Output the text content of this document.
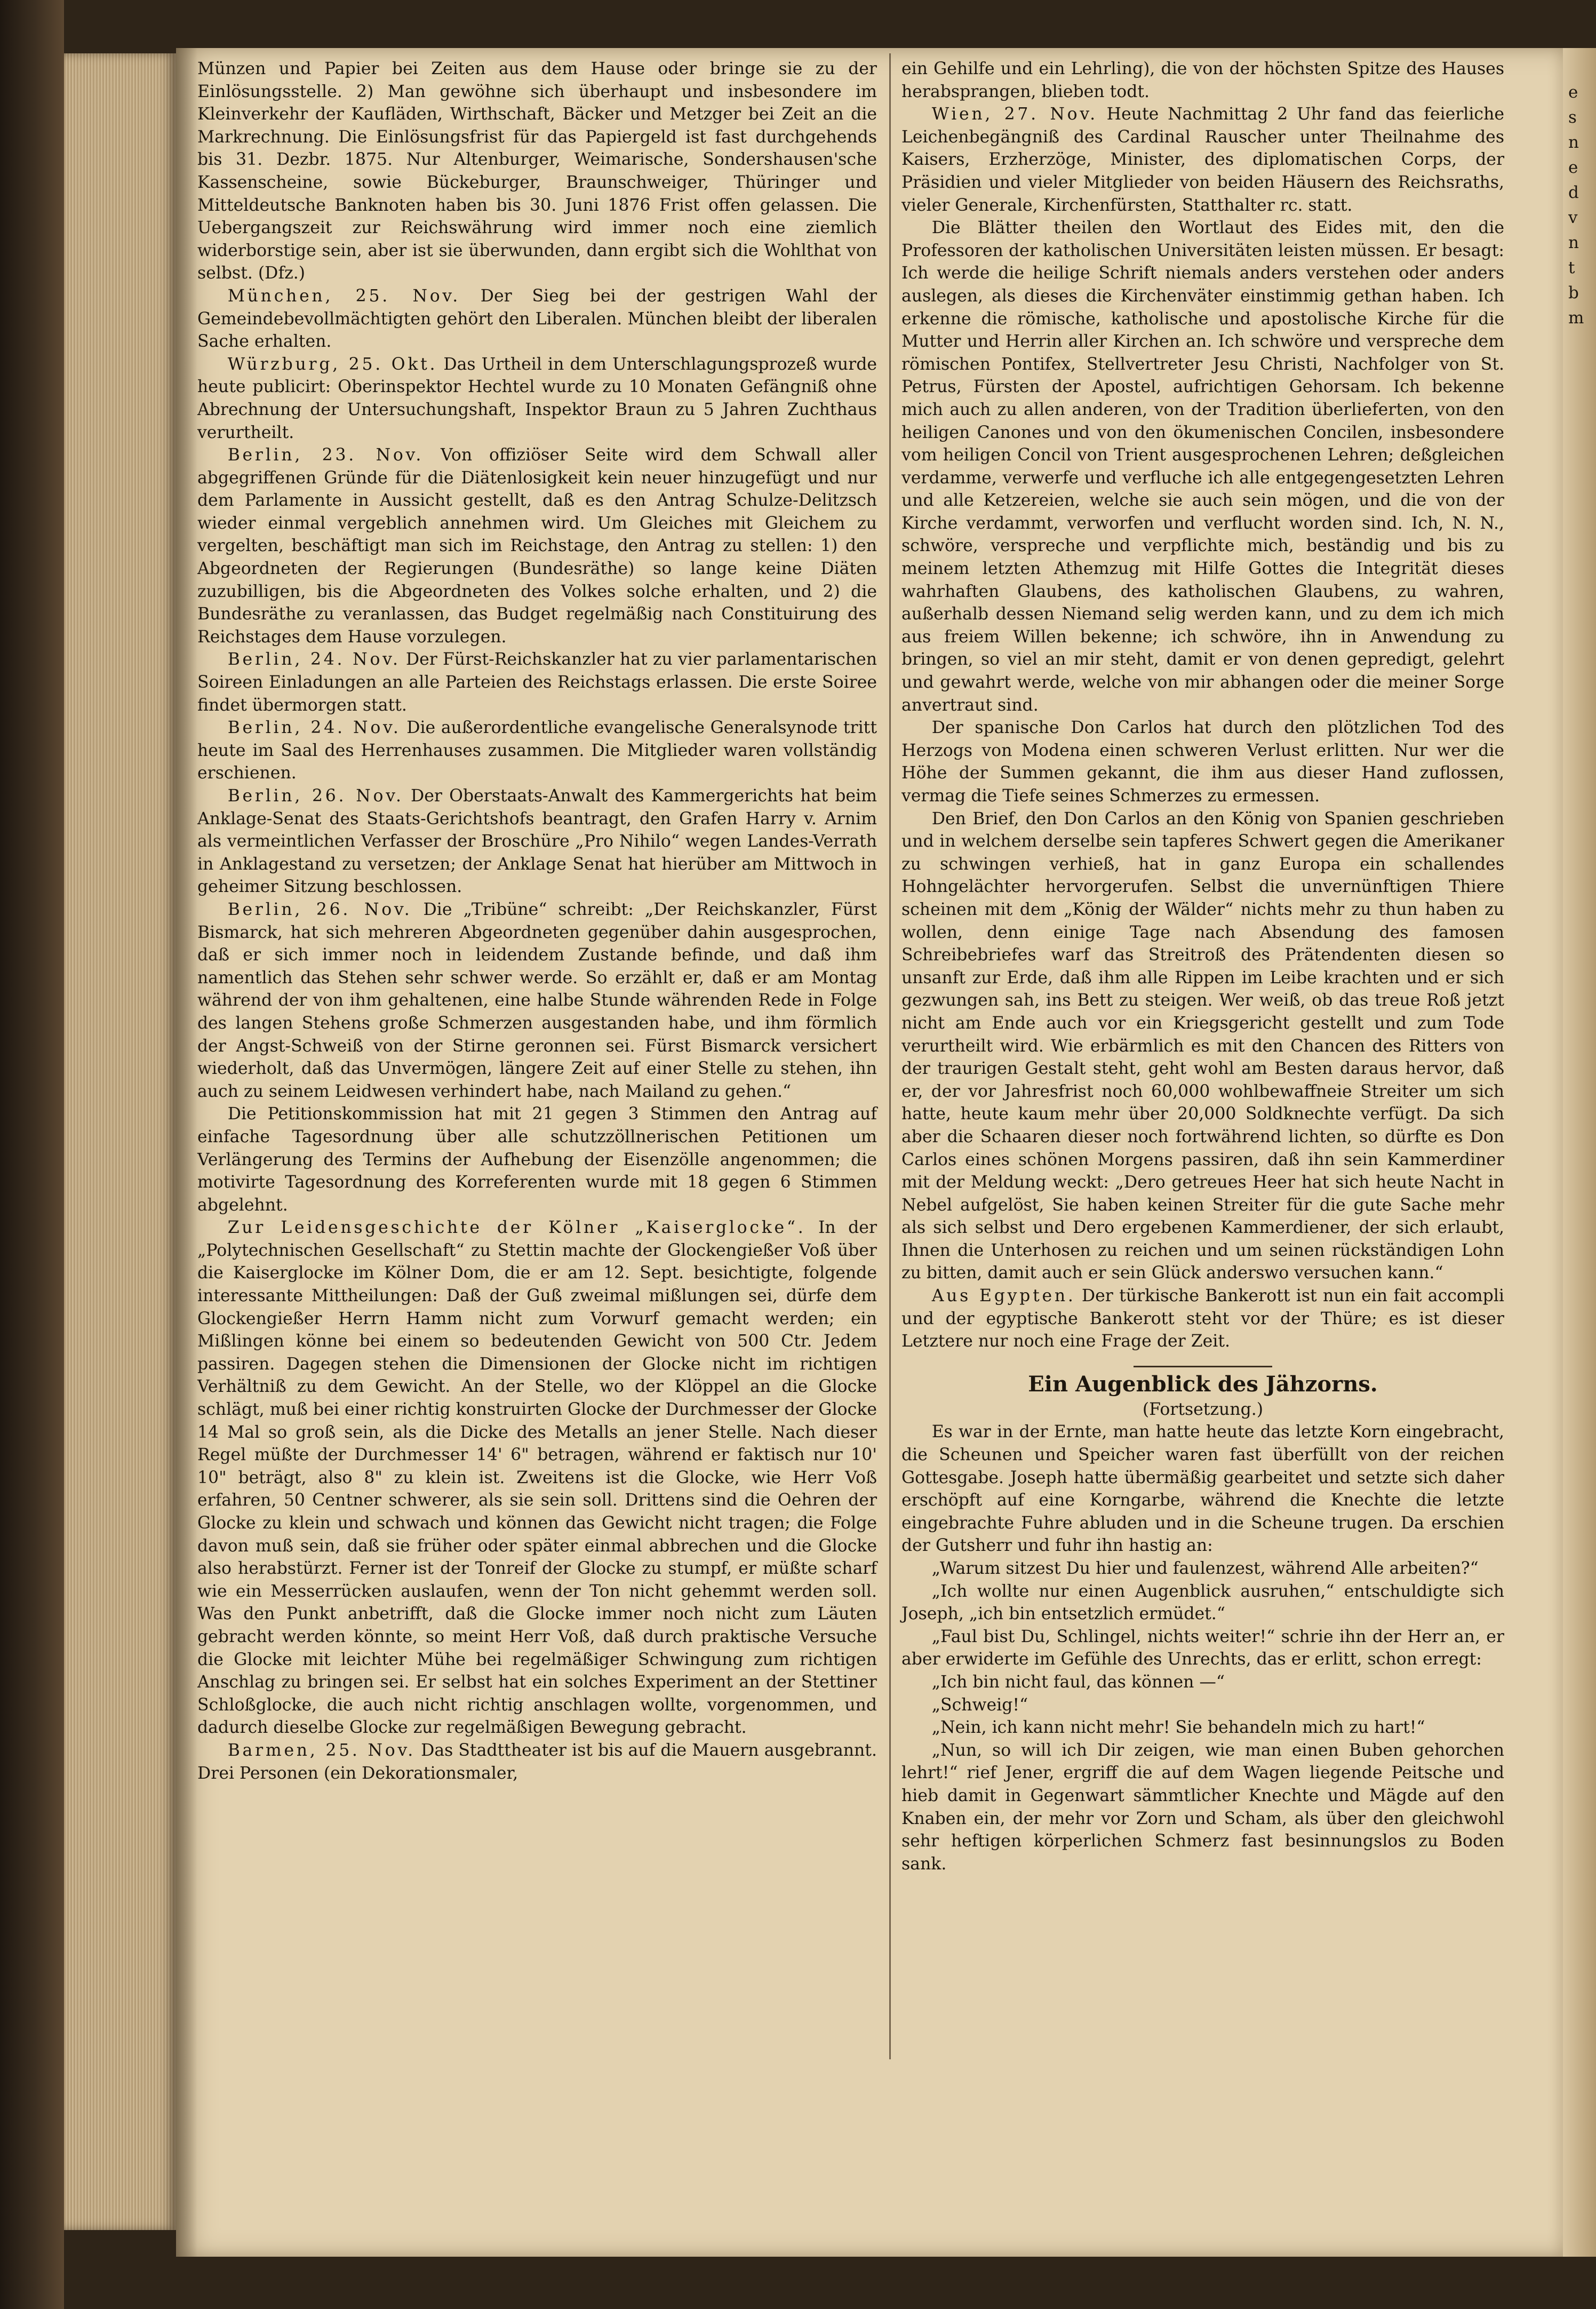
Münzen und Papier bei Zeiten aus dem Hause oder bringe sie zu der Einlösungsstelle. 2) Man gewöhne sich überhaupt und insbesondere im Kleinverkehr der Kaufläden, Wirthschaft, Bäcker und Metzger bei Zeit an die Markrechnung. Die Einlösungsfrist für das Papiergeld ist fast durchgehends bis 31. Dezbr. 1875. Nur Altenburger, Weimarische, Sondershausen'sche Kassenscheine, sowie Bückeburger, Braunschweiger, Thüringer und Mitteldeutsche Banknoten haben bis 30. Juni 1876 Frist offen gelassen. Die Uebergangszeit zur Reichswährung wird immer noch eine ziemlich widerborstige sein, aber ist sie überwunden, dann ergibt sich die Wohlthat von selbst. (Dfz.)

München, 25. Nov. Der Sieg bei der gestrigen Wahl der Gemeindebevollmächtigten gehört den Liberalen. München bleibt der liberalen Sache erhalten.

Würzburg, 25. Okt. Das Urtheil in dem Unterschlagungsprozeß wurde heute publicirt: Oberinspektor Hechtel wurde zu 10 Monaten Gefängniß ohne Abrechnung der Untersuchungshaft, Inspektor Braun zu 5 Jahren Zuchthaus verurtheilt.

Berlin, 23. Nov. Von offiziöser Seite wird dem Schwall aller abgegriffenen Gründe für die Diätenlosigkeit kein neuer hinzugefügt und nur dem Parlamente in Aussicht gestellt, daß es den Antrag Schulze-Delitzsch wieder einmal vergeblich annehmen wird. Um Gleiches mit Gleichem zu vergelten, beschäftigt man sich im Reichstage, den Antrag zu stellen: 1) den Abgeordneten der Regierungen (Bundesräthe) so lange keine Diäten zuzubilligen, bis die Abgeordneten des Volkes solche erhalten, und 2) die Bundesräthe zu veranlassen, das Budget regelmäßig nach Constituirung des Reichstages dem Hause vorzulegen.

Berlin, 24. Nov. Der Fürst-Reichskanzler hat zu vier parlamentarischen Soireen Einladungen an alle Parteien des Reichstags erlassen. Die erste Soiree findet übermorgen statt.

Berlin, 24. Nov. Die außerordentliche evangelische Generalsynode tritt heute im Saal des Herrenhauses zusammen. Die Mitglieder waren vollständig erschienen.

Berlin, 26. Nov. Der Oberstaats-Anwalt des Kammergerichts hat beim Anklage-Senat des Staats-Gerichtshofs beantragt, den Grafen Harry v. Arnim als vermeintlichen Verfasser der Broschüre „Pro Nihilo“ wegen Landes-Verrath in Anklagestand zu versetzen; der Anklage Senat hat hierüber am Mittwoch in geheimer Sitzung beschlossen.

Berlin, 26. Nov. Die „Tribüne“ schreibt: „Der Reichskanzler, Fürst Bismarck, hat sich mehreren Abgeordneten gegenüber dahin ausgesprochen, daß er sich immer noch in leidendem Zustande befinde, und daß ihm namentlich das Stehen sehr schwer werde. So erzählt er, daß er am Montag während der von ihm gehaltenen, eine halbe Stunde währenden Rede in Folge des langen Stehens große Schmerzen ausgestanden habe, und ihm förmlich der Angst-Schweiß von der Stirne geronnen sei. Fürst Bismarck versichert wiederholt, daß das Unvermögen, längere Zeit auf einer Stelle zu stehen, ihn auch zu seinem Leidwesen verhindert habe, nach Mailand zu gehen.“

Die Petitionskommission hat mit 21 gegen 3 Stimmen den Antrag auf einfache Tagesordnung über alle schutzzöllnerischen Petitionen um Verlängerung des Termins der Aufhebung der Eisenzölle angenommen; die motivirte Tagesordnung des Korreferenten wurde mit 18 gegen 6 Stimmen abgelehnt.

Zur Leidensgeschichte der Kölner „Kaiserglocke“. In der „Polytechnischen Gesellschaft“ zu Stettin machte der Glockengießer Voß über die Kaiserglocke im Kölner Dom, die er am 12. Sept. besichtigte, folgende interessante Mittheilungen: Daß der Guß zweimal mißlungen sei, dürfe dem Glockengießer Herrn Hamm nicht zum Vorwurf gemacht werden; ein Mißlingen könne bei einem so bedeutenden Gewicht von 500 Ctr. Jedem passiren. Dagegen stehen die Dimensionen der Glocke nicht im richtigen Verhältniß zu dem Gewicht. An der Stelle, wo der Klöppel an die Glocke schlägt, muß bei einer richtig konstruirten Glocke der Durchmesser der Glocke 14 Mal so groß sein, als die Dicke des Metalls an jener Stelle. Nach dieser Regel müßte der Durchmesser 14' 6" betragen, während er faktisch nur 10' 10" beträgt, also 8" zu klein ist. Zweitens ist die Glocke, wie Herr Voß erfahren, 50 Centner schwerer, als sie sein soll. Drittens sind die Oehren der Glocke zu klein und schwach und können das Gewicht nicht tragen; die Folge davon muß sein, daß sie früher oder später einmal abbrechen und die Glocke also herabstürzt. Ferner ist der Tonreif der Glocke zu stumpf, er müßte scharf wie ein Messerrücken auslaufen, wenn der Ton nicht gehemmt werden soll. Was den Punkt anbetrifft, daß die Glocke immer noch nicht zum Läuten gebracht werden könnte, so meint Herr Voß, daß durch praktische Versuche die Glocke mit leichter Mühe bei regelmäßiger Schwingung zum richtigen Anschlag zu bringen sei. Er selbst hat ein solches Experiment an der Stettiner Schloßglocke, die auch nicht richtig anschlagen wollte, vorgenommen, und dadurch dieselbe Glocke zur regelmäßigen Bewegung gebracht.

Barmen, 25. Nov. Das Stadttheater ist bis auf die Mauern ausgebrannt. Drei Personen (ein Dekorationsmaler,

ein Gehilfe und ein Lehrling), die von der höchsten Spitze des Hauses herabsprangen, blieben todt.

Wien, 27. Nov. Heute Nachmittag 2 Uhr fand das feierliche Leichenbegängniß des Cardinal Rauscher unter Theilnahme des Kaisers, Erzherzöge, Minister, des diplomatischen Corps, der Präsidien und vieler Mitglieder von beiden Häusern des Reichsraths, vieler Generale, Kirchenfürsten, Statthalter rc. statt.

Die Blätter theilen den Wortlaut des Eides mit, den die Professoren der katholischen Universitäten leisten müssen. Er besagt: Ich werde die heilige Schrift niemals anders verstehen oder anders auslegen, als dieses die Kirchenväter einstimmig gethan haben. Ich erkenne die römische, katholische und apostolische Kirche für die Mutter und Herrin aller Kirchen an. Ich schwöre und verspreche dem römischen Pontifex, Stellvertreter Jesu Christi, Nachfolger von St. Petrus, Fürsten der Apostel, aufrichtigen Gehorsam. Ich bekenne mich auch zu allen anderen, von der Tradition überlieferten, von den heiligen Canones und von den ökumenischen Concilen, insbesondere vom heiligen Concil von Trient ausgesprochenen Lehren; deßgleichen verdamme, verwerfe und verfluche ich alle entgegengesetzten Lehren und alle Ketzereien, welche sie auch sein mögen, und die von der Kirche verdammt, verworfen und verflucht worden sind. Ich, N. N., schwöre, verspreche und verpflichte mich, beständig und bis zu meinem letzten Athemzug mit Hilfe Gottes die Integrität dieses wahrhaften Glaubens, des katholischen Glaubens, zu wahren, außerhalb dessen Niemand selig werden kann, und zu dem ich mich aus freiem Willen bekenne; ich schwöre, ihn in Anwendung zu bringen, so viel an mir steht, damit er von denen gepredigt, gelehrt und gewahrt werde, welche von mir abhangen oder die meiner Sorge anvertraut sind.

Der spanische Don Carlos hat durch den plötzlichen Tod des Herzogs von Modena einen schweren Verlust erlitten. Nur wer die Höhe der Summen gekannt, die ihm aus dieser Hand zuflossen, vermag die Tiefe seines Schmerzes zu ermessen.

Den Brief, den Don Carlos an den König von Spanien geschrieben und in welchem derselbe sein tapferes Schwert gegen die Amerikaner zu schwingen verhieß, hat in ganz Europa ein schallendes Hohngelächter hervorgerufen. Selbst die unvernünftigen Thiere scheinen mit dem „König der Wälder“ nichts mehr zu thun haben zu wollen, denn einige Tage nach Absendung des famosen Schreibebriefes warf das Streitroß des Prätendenten diesen so unsanft zur Erde, daß ihm alle Rippen im Leibe krachten und er sich gezwungen sah, ins Bett zu steigen. Wer weiß, ob das treue Roß jetzt nicht am Ende auch vor ein Kriegsgericht gestellt und zum Tode verurtheilt wird. Wie erbärmlich es mit den Chancen des Ritters von der traurigen Gestalt steht, geht wohl am Besten daraus hervor, daß er, der vor Jahresfrist noch 60,000 wohlbewaffneie Streiter um sich hatte, heute kaum mehr über 20,000 Soldknechte verfügt. Da sich aber die Schaaren dieser noch fortwährend lichten, so dürfte es Don Carlos eines schönen Morgens passiren, daß ihn sein Kammerdiner mit der Meldung weckt: „Dero getreues Heer hat sich heute Nacht in Nebel aufgelöst, Sie haben keinen Streiter für die gute Sache mehr als sich selbst und Dero ergebenen Kammerdiener, der sich erlaubt, Ihnen die Unterhosen zu reichen und um seinen rückständigen Lohn zu bitten, damit auch er sein Glück anderswo versuchen kann.“

Aus Egypten. Der türkische Bankerott ist nun ein fait accompli und der egyptische Bankerott steht vor der Thüre; es ist dieser Letztere nur noch eine Frage der Zeit.

Ein Augenblick des Jähzorns.

(Fortsetzung.)

Es war in der Ernte, man hatte heute das letzte Korn eingebracht, die Scheunen und Speicher waren fast überfüllt von der reichen Gottesgabe. Joseph hatte übermäßig gearbeitet und setzte sich daher erschöpft auf eine Korngarbe, während die Knechte die letzte eingebrachte Fuhre abluden und in die Scheune trugen. Da erschien der Gutsherr und fuhr ihn hastig an:

„Warum sitzest Du hier und faulenzest, während Alle arbeiten?“

„Ich wollte nur einen Augenblick ausruhen,“ entschuldigte sich Joseph, „ich bin entsetzlich ermüdet.“

„Faul bist Du, Schlingel, nichts weiter!“ schrie ihn der Herr an, er aber erwiderte im Gefühle des Unrechts, das er erlitt, schon erregt:

„Ich bin nicht faul, das können —“

„Schweig!“

„Nein, ich kann nicht mehr! Sie behandeln mich zu hart!“

„Nun, so will ich Dir zeigen, wie man einen Buben gehorchen lehrt!“ rief Jener, ergriff die auf dem Wagen liegende Peitsche und hieb damit in Gegenwart sämmtlicher Knechte und Mägde auf den Knaben ein, der mehr vor Zorn und Scham, als über den gleichwohl sehr heftigen körperlichen Schmerz fast besinnungslos zu Boden sank.

e
s
n
e
d
v
n
t
b
m
